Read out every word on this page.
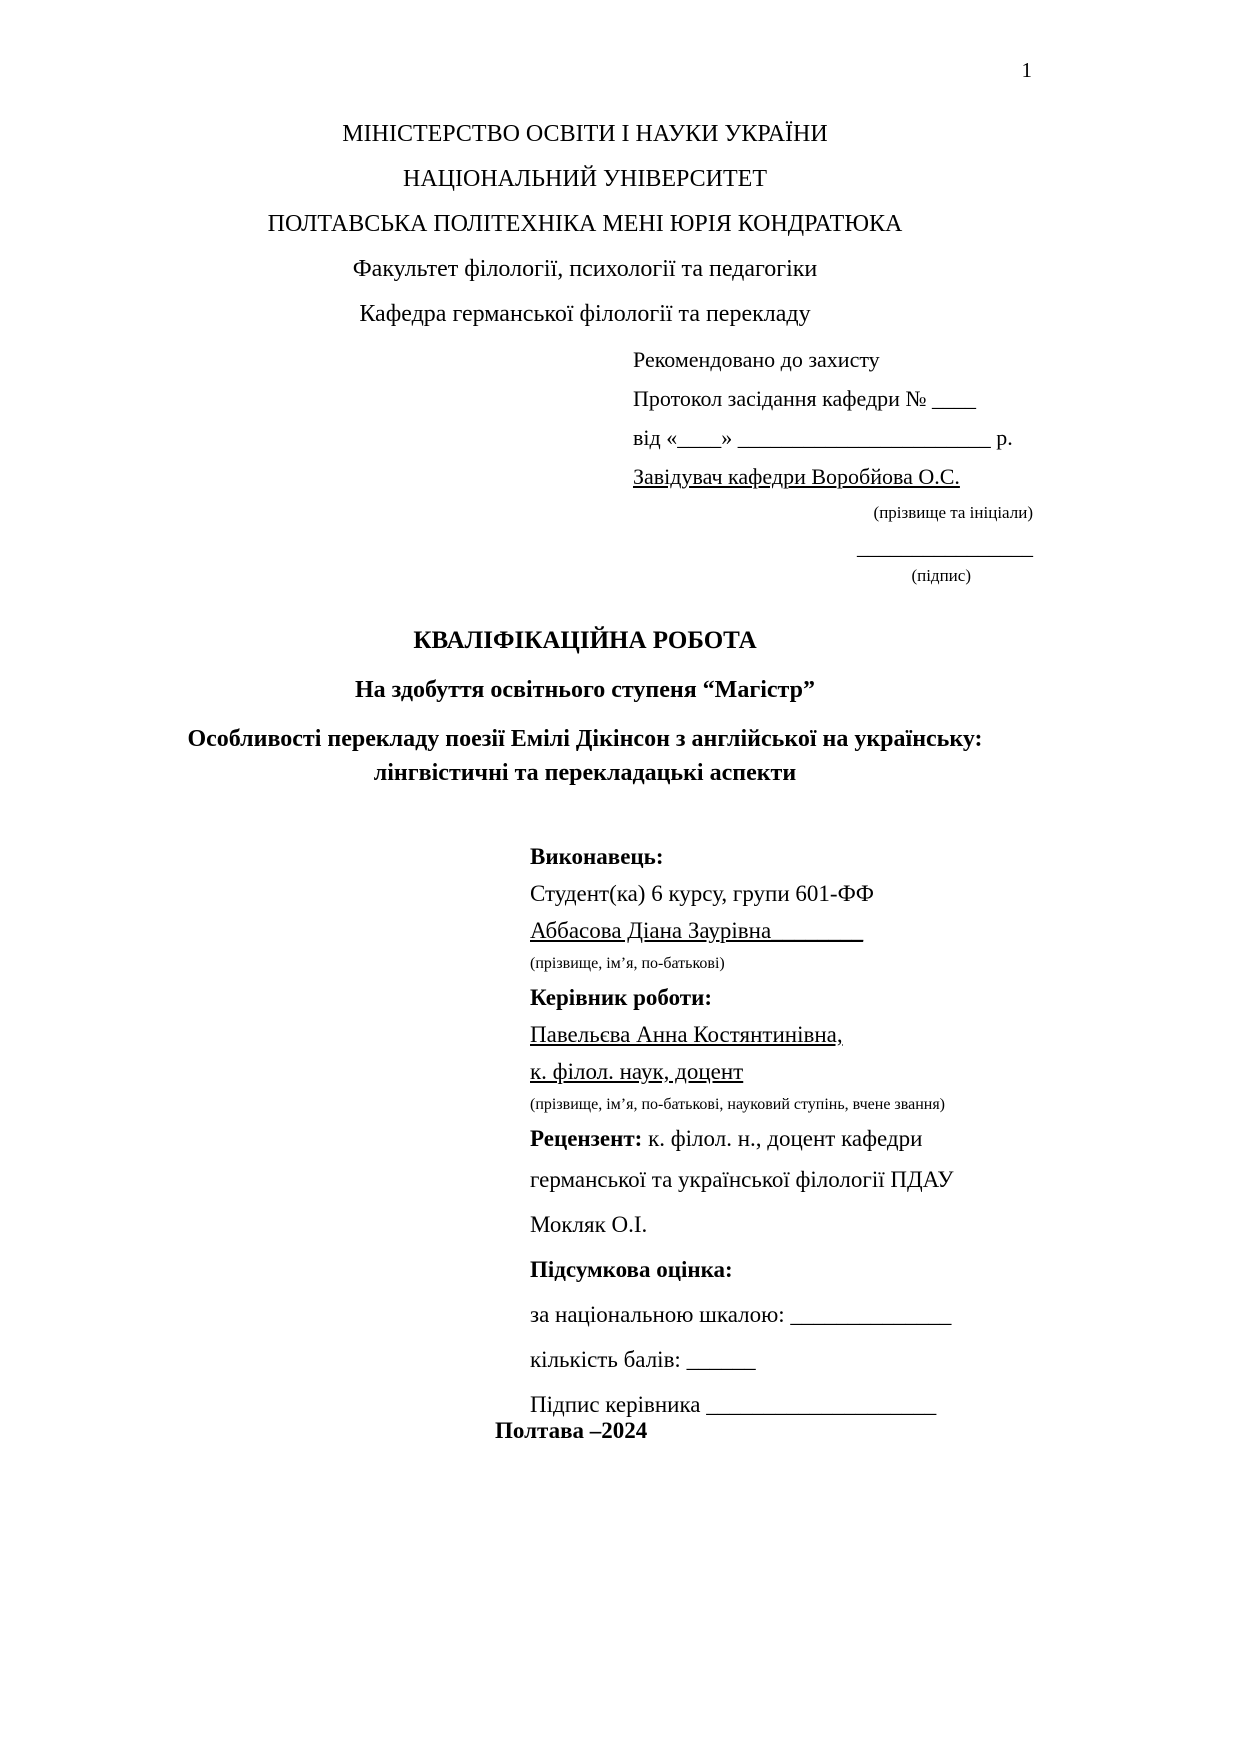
1
МІНІСТЕРСТВО ОСВІТИ І НАУКИ УКРАЇНИ
НАЦІОНАЛЬНИЙ УНІВЕРСИТЕТ
ПОЛТАВСЬКА ПОЛІТЕХНІКА МЕНІ ЮРІЯ КОНДРАТЮКА
Факультет філології, психології та педагогіки
Кафедра германської філології та перекладу
Рекомендовано до захисту
Протокол засідання кафедри № ____
від «____» _______________________ р.
Завідувач кафедри Воробйова О.С.
(прізвище та ініціали)
________________
(підпис)
КВАЛІФІКАЦІЙНА РОБОТА
На здобуття освітнього ступеня “Магістр”
Особливості перекладу поезії Емілі Дікінсон з англійської на українську: лінгвістичні та перекладацькі аспекти
Виконавець:
Студент(ка) 6 курсу, групи 601-ФФ
Аббасова Діана Заурівна________
(прізвище, ім’я, по-батькові)
Керівник роботи:
Павельєва Анна Костянтинівна,
к. філол. наук, доцент
(прізвище, ім’я, по-батькові, науковий ступінь, вчене звання)
Рецензент: к. філол. н., доцент кафедри
германської та української філології ПДАУ
Мокляк О.І.
Підсумкова оцінка:
за національною шкалою: ______________
кількість балів: ______
Підпис керівника ____________________
Полтава –2024
